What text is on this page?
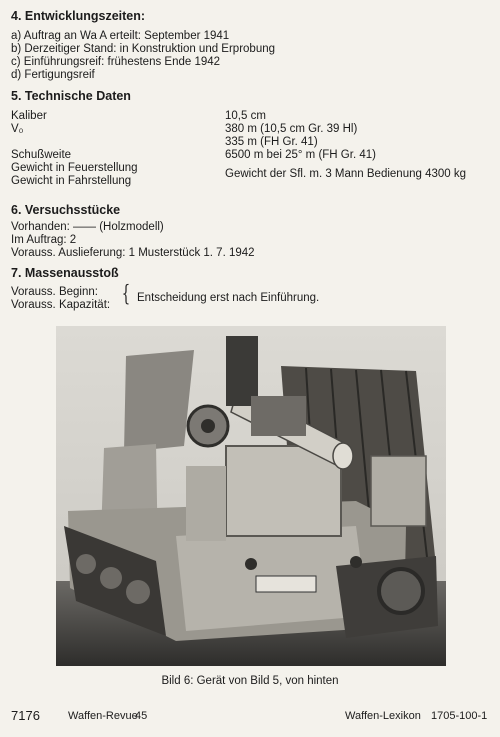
4. Entwicklungszeiten:
a) Auftrag an Wa A erteilt: September 1941
b) Derzeitiger Stand: in Konstruktion und Erprobung
c) Einführungsreif: frühestens Ende 1942
d) Fertigungsreif
5. Technische Daten
Kaliber
V₀
Schußweite
Gewicht in Feuerstellung
Gewicht in Fahrstellung
10,5 cm
380 m (10,5 cm Gr. 39 Hl)
335 m (FH Gr. 41)
6500 m bei 25° m (FH Gr. 41)
Gewicht der Sfl. m. 3 Mann Bedienung 4300 kg
6. Versuchsstücke
Vorhanden: —— (Holzmodell)
Im Auftrag: 2
Vorauss. Auslieferung: 1 Musterstück 1. 7. 1942
7. Massenausstoß
Vorauss. Beginn:
Vorauss. Kapazität: { Entscheidung erst nach Einführung.
Bild 6: Gerät von Bild 5, von hinten
7176	Waffen-Revue
45	Waffen-Lexikon 1705-100-1
